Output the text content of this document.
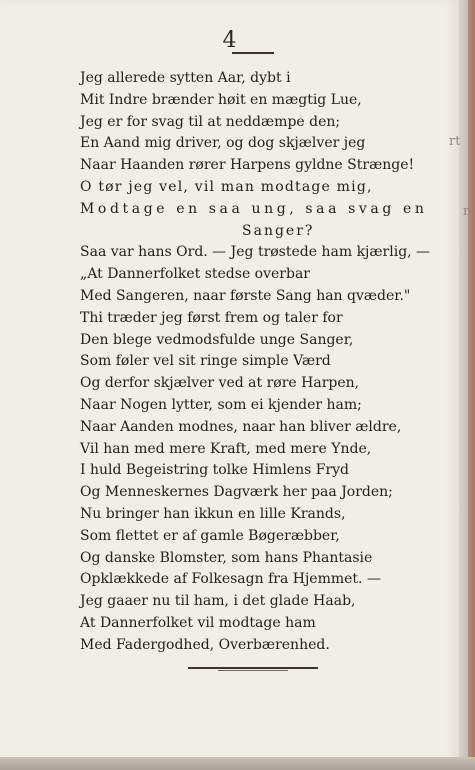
4
Jeg allerede sytten Aar, dybt i
Mit Indre brænder høit en mægtig Lue,
Jeg er for svag til at neddæmpe den;
En Aand mig driver, og dog skjælver jeg
Naar Haanden rører Harpens gyldne Strænge!
O tør jeg vel, vil man modtage mig,
Modtage en saa ung, saa svag en
Sanger?
Saa var hans Ord. — Jeg trøstede ham kjærlig, —
„At Dannerfolket stedse overbar
Med Sangeren, naar første Sang han qvæder."
Thi træder jeg først frem og taler for
Den blege vedmodsfulde unge Sanger,
Som føler vel sit ringe simple Værd
Og derfor skjælver ved at røre Harpen,
Naar Nogen lytter, som ei kjender ham;
Naar Aanden modnes, naar han bliver ældre,
Vil han med mere Kraft, med mere Ynde,
I huld Begeistring tolke Himlens Fryd
Og Menneskernes Dagværk her paa Jorden;
Nu bringer han ikkun en lille Krands,
Som flettet er af gamle Bøgeræbber,
Og danske Blomster, som hans Phantasie
Opklækkede af Folkesagn fra Hjemmet. —
Jeg gaaer nu til ham, i det glade Haab,
At Dannerfolket vil modtage ham
Med Fadergodhed, Overbærenhed.
rt
n
